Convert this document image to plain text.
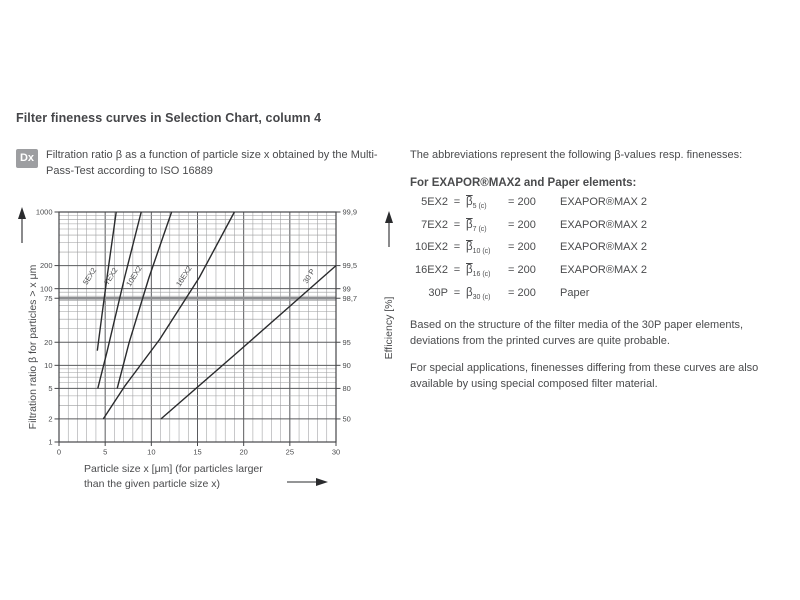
Filter fineness curves in Selection Chart, column 4
Dx	Filtration ratio β as a function of particle size x obtained by the Multi-Pass-Test according to ISO 16889
5EX2 7EX2 10EX2	16EX2	30 P
1000
200
100
75
20
10
5
2
1
99,9
99,5
99
98,7
95
90
80
50
0	5	10	15	20	25	30
Filtration ratio β for particles > x μm	Efficiency [%]
Particle size x [μm] (for particles larger
than the given particle size x)
The abbreviations represent the following β-values resp. finenesses:
For EXAPOR®MAX2 and Paper elements:
5EX2	=	$\overline{\beta}_{5 (c)}$	= 200	EXAPOR®MAX 2
7EX2	=	$\overline{\beta}_{7 (c)}$	= 200	EXAPOR®MAX 2
10EX2	=	$\overline{\beta}_{10 (c)}$	= 200	EXAPOR®MAX 2
16EX2	=	$\overline{\beta}_{16 (c)}$	= 200	EXAPOR®MAX 2
30P	=	$\beta_{30 (c)}$	= 200	Paper
Based on the structure of the filter media of the 30P paper elements, deviations from the printed curves are quite probable.
For special applications, finenesses differing from these curves are also available by using special composed filter material.
